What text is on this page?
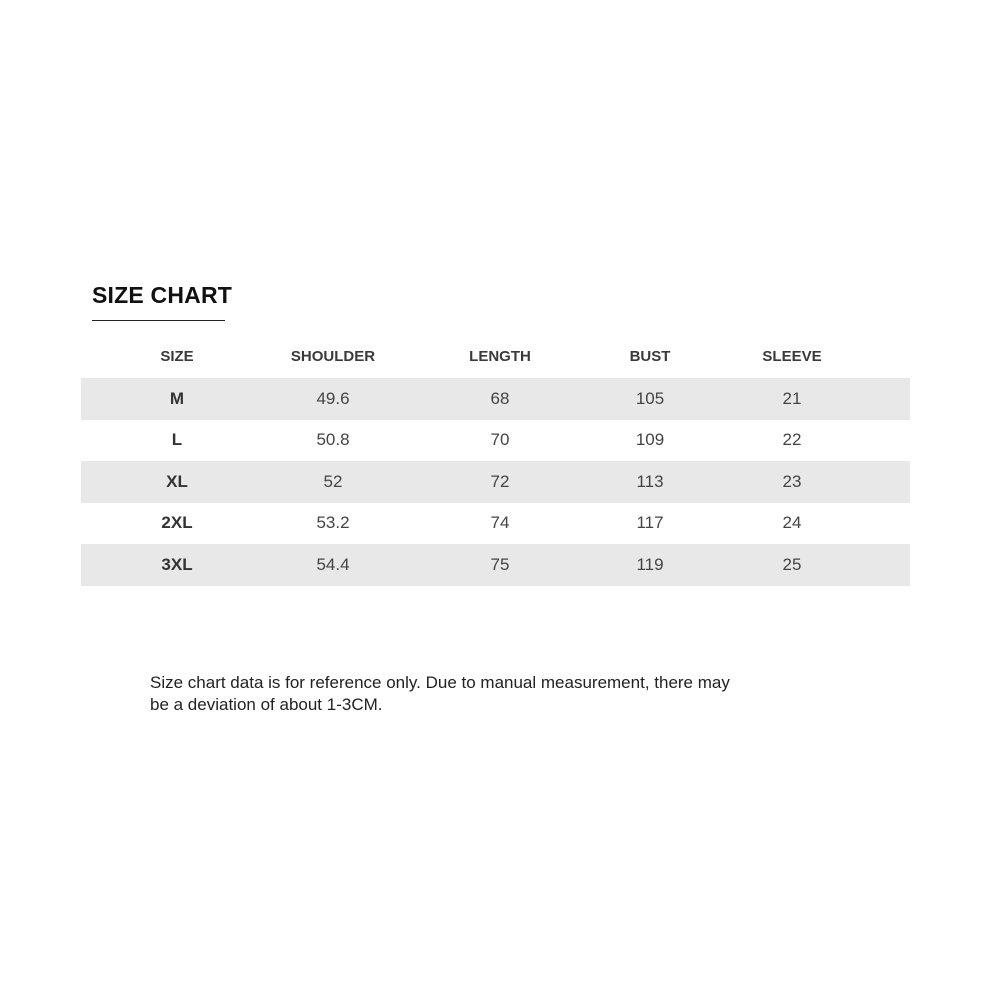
SIZE CHART
SIZE	SHOULDER	LENGTH	BUST	SLEEVE
M	49.6	68	105	21
L	50.8	70	109	22
XL	52	72	113	23
2XL	53.2	74	117	24
3XL	54.4	75	119	25
Size chart data is for reference only. Due to manual measurement, there may
be a deviation of about 1-3CM.
